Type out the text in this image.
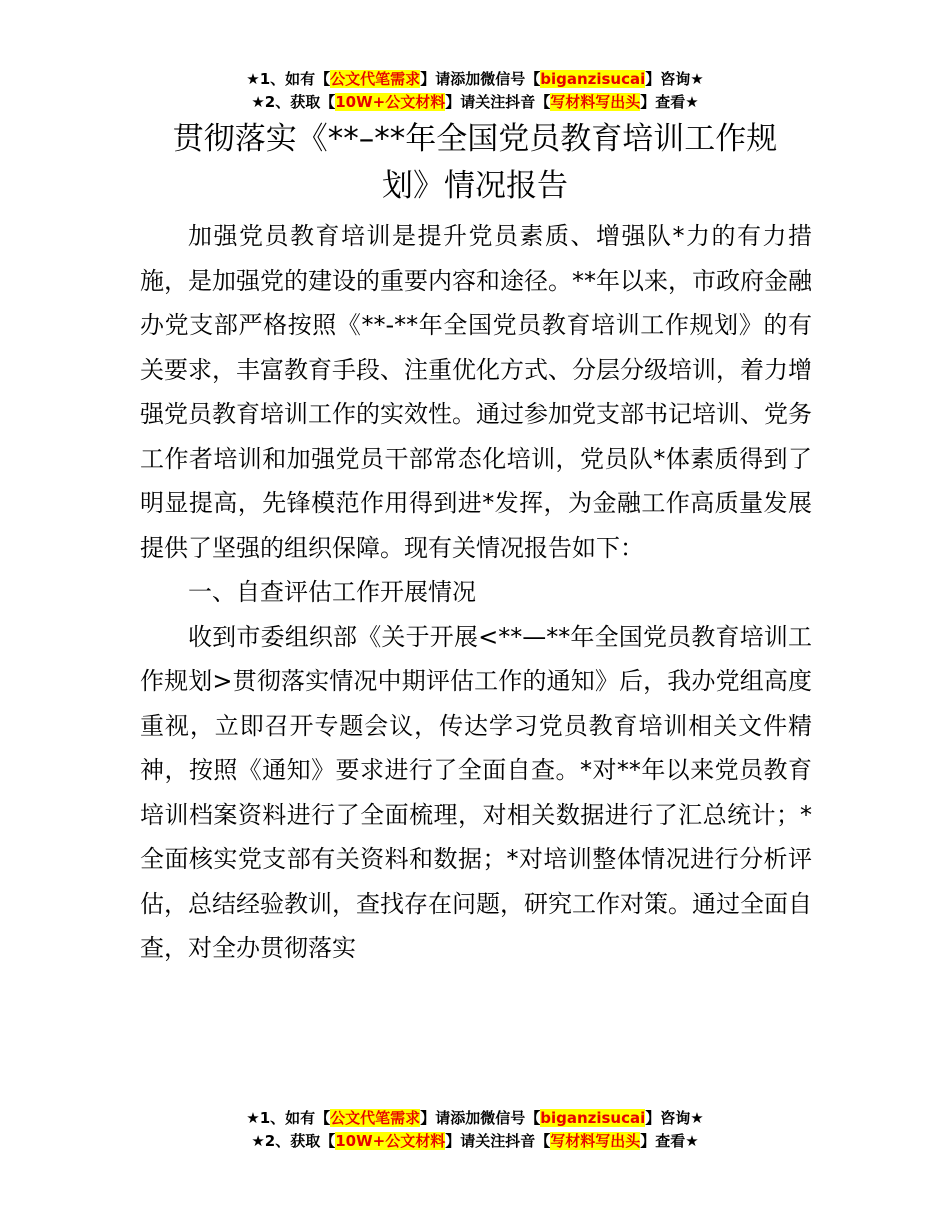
★1、如有【公文代笔需求】请添加微信号【biganzisucai】咨询★
★2、获取【10W+公文材料】请关注抖音【写材料写出头】查看★
贯彻落实《**–**年全国党员教育培训工作规
划》情况报告

加强党员教育培训是提升党员素质、增强队*力的有力措施，是加强党的建设的重要内容和途径。**年以来，市政府金融办党支部严格按照《**-**年全国党员教育培训工作规划》的有关要求，丰富教育手段、注重优化方式、分层分级培训，着力增强党员教育培训工作的实效性。通过参加党支部书记培训、党务工作者培训和加强党员干部常态化培训，党员队*体素质得到了明显提高，先锋模范作用得到进*发挥，为金融工作高质量发展提供了坚强的组织保障。现有关情况报告如下：

一、自查评估工作开展情况

收到市委组织部《关于开展<**—**年全国党员教育培训工作规划>贯彻落实情况中期评估工作的通知》后，我办党组高度重视，立即召开专题会议，传达学习党员教育培训相关文件精神，按照《通知》要求进行了全面自查。*对**年以来党员教育培训档案资料进行了全面梳理，对相关数据进行了汇总统计；*全面核实党支部有关资料和数据；*对培训整体情况进行分析评估，总结经验教训，查找存在问题，研究工作对策。通过全面自查，对全办贯彻落实

★1、如有【公文代笔需求】请添加微信号【biganzisucai】咨询★
★2、获取【10W+公文材料】请关注抖音【写材料写出头】查看★
